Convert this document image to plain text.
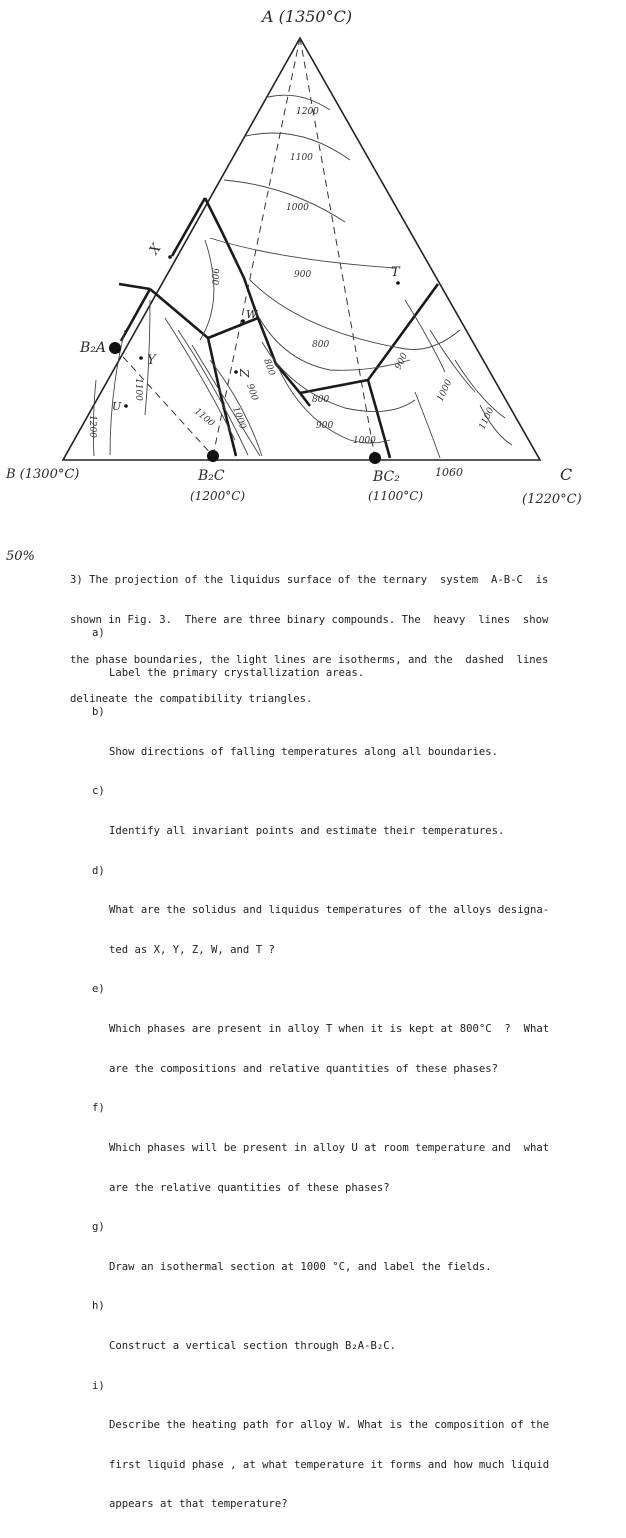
A (1350°C)
B (1300°C)	C
(1220°C)
B₂A
B₂C
(1200°C)
BC₂
(1100°C)
1060
X
Y
U
Z
W
T
1200
1100
1000
900
800
800
900
1000
900
1100
1200
800
900
1000
1100
900
1000
1100
50%

3) The projection of the liquidus surface of the ternary  system  A-B-C  is

shown in Fig. 3.  There are three binary compounds. The  heavy  lines  show

the phase boundaries, the light lines are isotherms, and the  dashed  lines

delineate the compatibility triangles.

a)

Label the primary crystallization areas.

b)

Show directions of falling temperatures along all boundaries.

c)

Identify all invariant points and estimate their temperatures.

d)

What are the solidus and liquidus temperatures of the alloys designa-

ted as X, Y, Z, W, and T ?

e)

Which phases are present in alloy T when it is kept at 800°C  ?  What

are the compositions and relative quantities of these phases?

f)

Which phases will be present in alloy U at room temperature and  what

are the relative quantities of these phases?

g)

Draw an isothermal section at 1000 °C, and label the fields.

h)

Construct a vertical section through B₂A-B₂C.

i)

Describe the heating path for alloy W. What is the composition of the

first liquid phase , at what temperature it forms and how much liquid

appears at that temperature?
